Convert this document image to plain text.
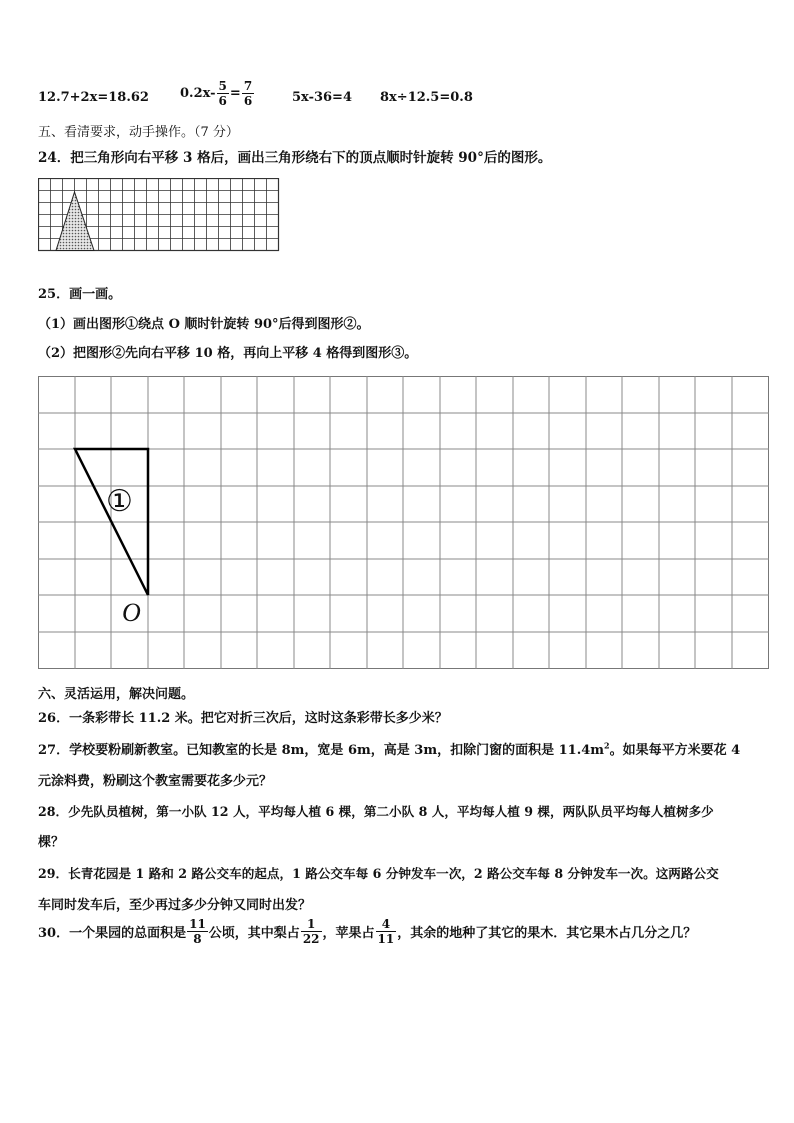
12.7+2x=18.62 $0.2x- \frac{5}{6} = \frac{7}{6}$	5x-36=4 8x÷12.5=0.8
五、看清要求，动手操作。（7 分）
24．把三角形向右平移 3 格后，画出三角形绕右下的顶点顺时针旋转 90°后的图形。
25．画一画。
（1）画出图形①绕点 O 顺时针旋转 90°后得到图形②。
（2）把图形②先向右平移 10 格，再向上平移 4 格得到图形③。
①
O
六、灵活运用，解决问题。
26．一条彩带长 11.2 米。把它对折三次后，这时这条彩带长多少米？
27．学校要粉刷新教室。已知教室的长是 8m，宽是 6m，高是 3m，扣除门窗的面积是 $11.4m^2$。如果每平方米要花 4
元涂料费，粉刷这个教室需要花多少元？
28．少先队员植树，第一小队 12 人，平均每人植 6 棵，第二小队 8 人，平均每人植 9 棵，两队队员平均每人植树多少
棵？
29．长青花园是 1 路和 2 路公交车的起点，1 路公交车每 6 分钟发车一次，2 路公交车每 8 分钟发车一次。这两路公交
车同时发车后，至少再过多少分钟又同时出发？
30．一个果园的总面积是 $\frac{11}{8}$ 公顷，其中梨占 $\frac{1}{22}$ ，苹果占 $\frac{4}{11}$ ，其余的地种了其它的果木．其它果木占几分之几？
